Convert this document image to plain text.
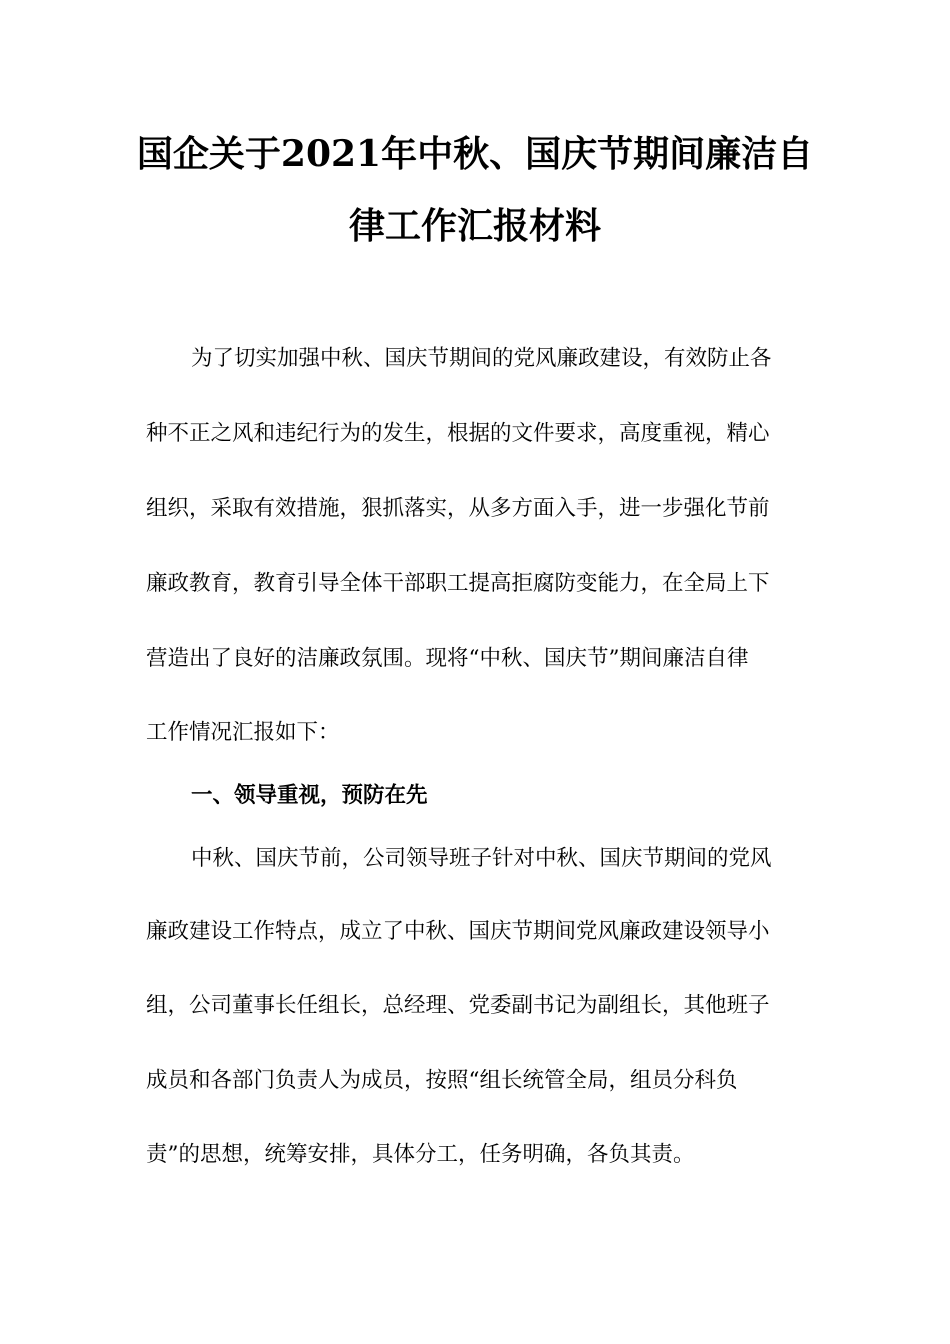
国企关于2021年中秋、国庆节期间廉洁自
律工作汇报材料
为了切实加强中秋、国庆节期间的党风廉政建设，有效防止各
种不正之风和违纪行为的发生，根据的文件要求，高度重视，精心
组织，采取有效措施，狠抓落实，从多方面入手，进一步强化节前
廉政教育，教育引导全体干部职工提高拒腐防变能力，在全局上下
营造出了良好的洁廉政氛围。现将“中秋、国庆节”期间廉洁自律
工作情况汇报如下：
一、领导重视，预防在先
中秋、国庆节前，公司领导班子针对中秋、国庆节期间的党风
廉政建设工作特点，成立了中秋、国庆节期间党风廉政建设领导小
组，公司董事长任组长，总经理、党委副书记为副组长，其他班子
成员和各部门负责人为成员，按照“组长统管全局，组员分科负
责”的思想，统筹安排，具体分工，任务明确，各负其责。
